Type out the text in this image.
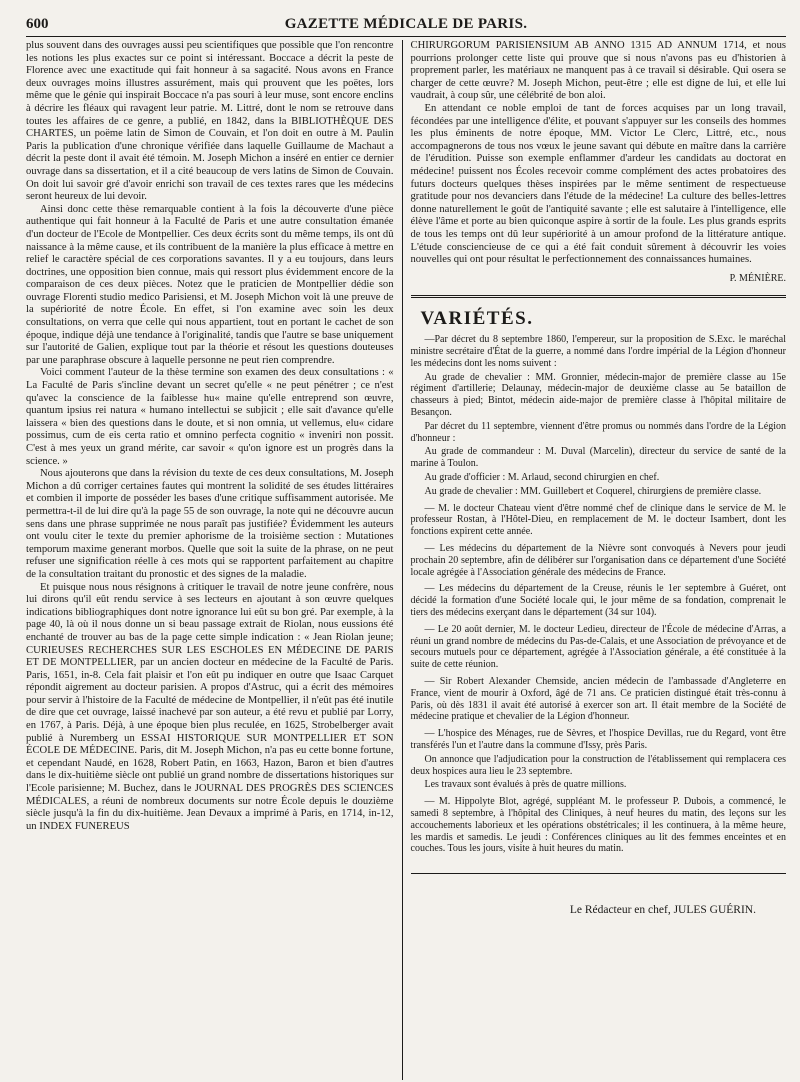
600	GAZETTE MÉDICALE DE PARIS.

plus souvent dans des ouvrages aussi peu scientifiques que possible que l'on rencontre les notions les plus exactes sur ce point si intéressant. Boccace a décrit la peste de Florence avec une exactitude qui fait honneur à sa sagacité. Nous avons en France deux ouvrages moins illustres assurément, mais qui prouvent que les poëtes, lors même que le génie qui inspirait Boccace n'a pas souri à leur muse, sont encore enclins à décrire les fléaux qui ravagent leur patrie. M. Littré, dont le nom se retrouve dans toutes les affaires de ce genre, a publié, en 1842, dans la BIBLIOTHÈQUE DES CHARTES, un poëme latin de Simon de Couvain, et l'on doit en outre à M. Paulin Paris la publication d'une chronique vérifiée dans laquelle Guillaume de Machaut a décrit la peste dont il avait été témoin. M. Joseph Michon a inséré en entier ce dernier ouvrage dans sa dissertation, et il a cité beaucoup de vers latins de Simon de Couvain. On doit lui savoir gré d'avoir enrichi son travail de ces textes rares que les médecins seront heureux de lui devoir.

Ainsi donc cette thèse remarquable contient à la fois la découverte d'une pièce authentique qui fait honneur à la Faculté de Paris et une autre consultation émanée d'un docteur de l'Ecole de Montpellier. Ces deux écrits sont du même temps, ils ont dû naissance à la même cause, et ils contribuent de la manière la plus efficace à mettre en relief le caractère spécial de ces corporations savantes. Il y a eu toujours, dans leurs doctrines, une opposition bien connue, mais qui ressort plus évidemment encore de la comparaison de ces deux pièces. Notez que le praticien de Montpellier dédie son ouvrage Florenti studio medico Parisiensi, et M. Joseph Michon voit là une preuve de la supériorité de notre École. En effet, si l'on examine avec soin les deux consultations, on verra que celle qui nous appartient, tout en portant le cachet de son époque, indique déjà une tendance à l'originalité, tandis que l'autre se base uniquement sur l'autorité de Galien, explique tout par la théorie et résout les questions douteuses par une paraphrase obscure à laquelle personne ne peut rien comprendre.

Voici comment l'auteur de la thèse termine son examen des deux consultations : « La Faculté de Paris s'incline devant un secret qu'elle « ne peut pénétrer ; ce n'est qu'avec la conscience de la faiblesse hu« maine qu'elle entreprend son œuvre, quantum ipsius rei natura « humano intellectui se subjicit ; elle sait d'avance qu'elle laissera « bien des questions dans le doute, et si non omnia, ut vellemus, elu« cidare possimus, cum de eis certa ratio et omnino perfecta cognitio « inveniri non possit. C'est à mes yeux un grand mérite, car savoir « qu'on ignore est un progrès dans la science. »

Nous ajouterons que dans la révision du texte de ces deux consultations, M. Joseph Michon a dû corriger certaines fautes qui montrent la solidité de ses études littéraires et combien il importe de posséder les bases d'une critique suffisamment autorisée. Me permettra-t-il de lui dire qu'à la page 55 de son ouvrage, la note qui ne découvre aucun sens dans une phrase supprimée ne nous paraît pas justifiée? Évidemment les auteurs ont voulu citer le texte du premier aphorisme de la troisième section : Mutationes temporum maxime generant morbos. Quelle que soit la suite de la phrase, on ne peut refuser une signification réelle à ces mots qui se rapportent parfaitement au chapitre de la consultation traitant du pronostic et des signes de la maladie.

Et puisque nous nous résignons à critiquer le travail de notre jeune confrère, nous lui dirons qu'il eût rendu service à ses lecteurs en ajoutant à son œuvre quelques indications bibliographiques dont notre ignorance lui eût su bon gré. Par exemple, à la page 40, là où il nous donne un si beau passage extrait de Riolan, nous eussions été enchanté de trouver au bas de la page cette simple indication : « Jean Riolan jeune; CURIEUSES RECHERCHES SUR LES ESCHOLES EN MÉDECINE DE PARIS ET DE MONTPELLIER, par un ancien docteur en médecine de la Faculté de Paris. Paris, 1651, in-8. Cela fait plaisir et l'on eût pu indiquer en outre que Isaac Carquet répondit aigrement au docteur parisien. A propos d'Astruc, qui a écrit des mémoires pour servir à l'histoire de la Faculté de médecine de Montpellier, il n'eût pas été inutile de dire que cet ouvrage, laissé inachevé par son auteur, a été revu et publié par Lorry, en 1767, à Paris. Déjà, à une époque bien plus reculée, en 1625, Strobelberger avait publié à Nuremberg un ESSAI HISTORIQUE SUR MONTPELLIER ET SON ÉCOLE DE MÉDECINE. Paris, dit M. Joseph Michon, n'a pas eu cette bonne fortune, et cependant Naudé, en 1628, Robert Patin, en 1663, Hazon, Baron et bien d'autres dans le dix-huitième siècle ont publié un grand nombre de dissertations historiques sur l'Ecole parisienne; M. Buchez, dans le JOURNAL DES PROGRÈS DES SCIENCES MÉDICALES, a réuni de nombreux documents sur notre École depuis le douzième siècle jusqu'à la fin du dix-huitième. Jean Devaux a imprimé à Paris, en 1714, in-12, un INDEX FUNEREUS

CHIRURGORUM PARISIENSIUM AB ANNO 1315 AD ANNUM 1714, et nous pourrions prolonger cette liste qui prouve que si nous n'avons pas eu d'historien à proprement parler, les matériaux ne manquent pas à ce travail si désirable. Qui osera se charger de cette œuvre? M. Joseph Michon, peut-être ; elle est digne de lui, et elle lui vaudrait, à coup sûr, une célébrité de bon aloi.

En attendant ce noble emploi de tant de forces acquises par un long travail, fécondées par une intelligence d'élite, et pouvant s'appuyer sur les conseils des hommes les plus éminents de notre époque, MM. Victor Le Clerc, Littré, etc., nous accompagnerons de tous nos vœux le jeune savant qui débute en maître dans la carrière de l'érudition. Puisse son exemple enflammer d'ardeur les candidats au doctorat en médecine! puissent nos Écoles recevoir comme complément des actes probatoires des futurs docteurs quelques thèses inspirées par le même sentiment de respectueuse gratitude pour nos devanciers dans l'étude de la médecine! La culture des belles-lettres donne naturellement le goût de l'antiquité savante ; elle est salutaire à l'intelligence, elle élève l'âme et porte au bien quiconque aspire à sortir de la foule. Les plus grands esprits de tous les temps ont dû leur supériorité à un amour profond de la littérature antique. L'étude consciencieuse de ce qui a été fait conduit sûrement à découvrir les voies nouvelles qui ont pour résultat le perfectionnement des connaissances humaines.

P. MÉNIÈRE.

VARIÉTÉS.

—Par décret du 8 septembre 1860, l'empereur, sur la proposition de S.Exc. le maréchal ministre secrétaire d'État de la guerre, a nommé dans l'ordre impérial de la Légion d'honneur les médecins dont les noms suivent :

Au grade de chevalier : MM. Gronnier, médecin-major de première classe au 15e régiment d'artillerie; Delaunay, médecin-major de deuxième classe au 5e bataillon de chasseurs à pied; Bintot, médecin aide-major de première classe à l'hôpital militaire de Besançon.

Par décret du 11 septembre, viennent d'être promus ou nommés dans l'ordre de la Légion d'honneur :

Au grade de commandeur : M. Duval (Marcelin), directeur du service de santé de la marine à Toulon.

Au grade d'officier : M. Arlaud, second chirurgien en chef.

Au grade de chevalier : MM. Guillebert et Coquerel, chirurgiens de première classe.

— M. le docteur Chateau vient d'être nommé chef de clinique dans le service de M. le professeur Rostan, à l'Hôtel-Dieu, en remplacement de M. le docteur Isambert, dont les fonctions expirent cette année.

— Les médecins du département de la Nièvre sont convoqués à Nevers pour jeudi prochain 20 septembre, afin de délibérer sur l'organisation dans ce département d'une Société locale agrégée à l'Association générale des médecins de France.

— Les médecins du département de la Creuse, réunis le 1er septembre à Guéret, ont décidé la formation d'une Société locale qui, le jour même de sa fondation, comprenait le tiers des médecins exerçant dans le département (34 sur 104).

— Le 20 août dernier, M. le docteur Ledieu, directeur de l'École de médecine d'Arras, a réuni un grand nombre de médecins du Pas-de-Calais, et une Association de prévoyance et de secours mutuels pour ce département, agrégée à l'Association générale, a été constituée à la suite de cette réunion.

— Sir Robert Alexander Chemside, ancien médecin de l'ambassade d'Angleterre en France, vient de mourir à Oxford, âgé de 71 ans. Ce praticien distingué était très-connu à Paris, où dès 1831 il avait été autorisé à exercer son art. Il était membre de la Société de médecine pratique et chevalier de la Légion d'honneur.

— L'hospice des Ménages, rue de Sèvres, et l'hospice Devillas, rue du Regard, vont être transférés l'un et l'autre dans la commune d'Issy, près Paris.

On annonce que l'adjudication pour la construction de l'établissement qui remplacera ces deux hospices aura lieu le 23 septembre.

Les travaux sont évalués à près de quatre millions.

— M. Hippolyte Blot, agrégé, suppléant M. le professeur P. Dubois, a commencé, le samedi 8 septembre, à l'hôpital des Cliniques, à neuf heures du matin, des leçons sur les accouchements laborieux et les opérations obstétricales; il les continuera, à la même heure, les mardis et samedis. Le jeudi : Conférences cliniques au lit des femmes enceintes et en couches. Tous les jours, visite à huit heures du matin.

Le Rédacteur en chef, JULES GUÉRIN.
